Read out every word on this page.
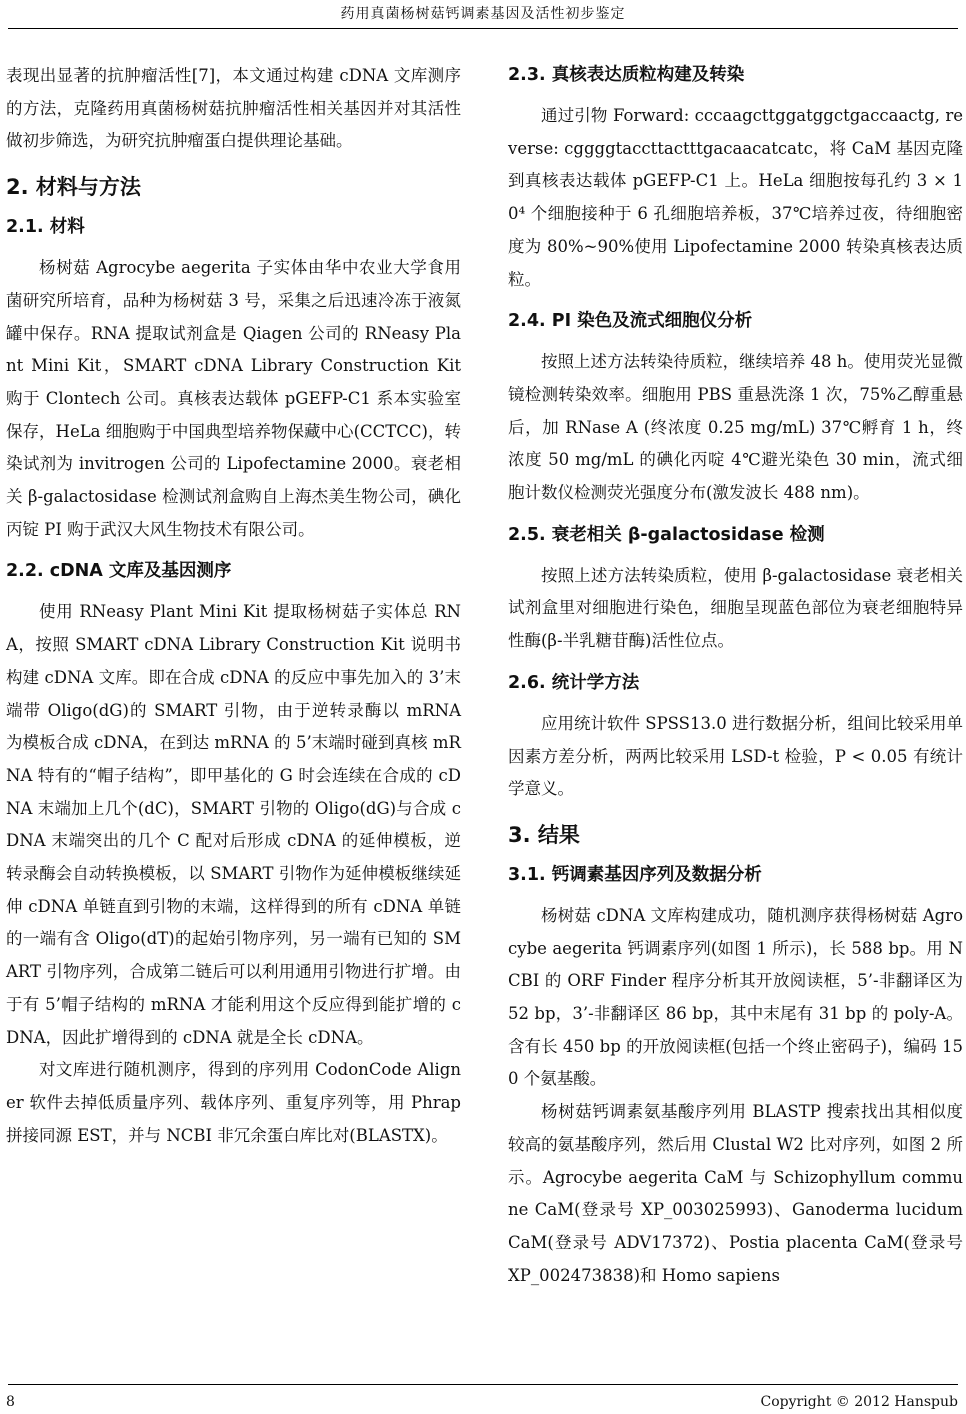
药用真菌杨树菇钙调素基因及活性初步鉴定

表现出显著的抗肿瘤活性[7]，本文通过构建 cDNA 文库测序的方法，克隆药用真菌杨树菇抗肿瘤活性相关基因并对其活性做初步筛选，为研究抗肿瘤蛋白提供理论基础。

2. 材料与方法
2.1. 材料

杨树菇 Agrocybe aegerita 子实体由华中农业大学食用菌研究所培育，品种为杨树菇 3 号，采集之后迅速冷冻于液氮罐中保存。RNA 提取试剂盒是 Qiagen 公司的 RNeasy Plant Mini Kit，SMART cDNA Library Construction Kit 购于 Clontech 公司。真核表达载体 pGEFP-C1 系本实验室保存，HeLa 细胞购于中国典型培养物保藏中心(CCTCC)，转染试剂为 invitrogen 公司的 Lipofectamine 2000。衰老相关 β-galactosidase 检测试剂盒购自上海杰美生物公司，碘化丙锭 PI 购于武汉大风生物技术有限公司。

2.2. cDNA 文库及基因测序

使用 RNeasy Plant Mini Kit 提取杨树菇子实体总 RNA，按照 SMART cDNA Library Construction Kit 说明书构建 cDNA 文库。即在合成 cDNA 的反应中事先加入的 3’末端带 Oligo(dG)的 SMART 引物，由于逆转录酶以 mRNA 为模板合成 cDNA，在到达 mRNA 的 5’末端时碰到真核 mRNA 特有的“帽子结构”，即甲基化的 G 时会连续在合成的 cDNA 末端加上几个(dC)，SMART 引物的 Oligo(dG)与合成 cDNA 末端突出的几个 C 配对后形成 cDNA 的延伸模板，逆转录酶会自动转换模板，以 SMART 引物作为延伸模板继续延伸 cDNA 单链直到引物的末端，这样得到的所有 cDNA 单链的一端有含 Oligo(dT)的起始引物序列，另一端有已知的 SMART 引物序列，合成第二链后可以利用通用引物进行扩增。由于有 5’帽子结构的 mRNA 才能利用这个反应得到能扩增的 cDNA，因此扩增得到的 cDNA 就是全长 cDNA。

对文库进行随机测序，得到的序列用 CodonCode Aligner 软件去掉低质量序列、载体序列、重复序列等，用 Phrap 拼接同源 EST，并与 NCBI 非冗余蛋白库比对(BLASTX)。

2.3. 真核表达质粒构建及转染

通过引物 Forward: cccaagcttggatggctgaccaactg, reverse: cggggtaccttactttgacaacatcatc，将 CaM 基因克隆到真核表达载体 pGEFP-C1 上。HeLa 细胞按每孔约 3 × 10⁴ 个细胞接种于 6 孔细胞培养板，37℃培养过夜，待细胞密度为 80%~90%使用 Lipofectamine 2000 转染真核表达质粒。

2.4. PI 染色及流式细胞仪分析

按照上述方法转染待质粒，继续培养 48 h。使用荧光显微镜检测转染效率。细胞用 PBS 重悬洗涤 1 次，75%乙醇重悬后，加 RNase A (终浓度 0.25 mg/mL) 37℃孵育 1 h，终浓度 50 mg/mL 的碘化丙啶 4℃避光染色 30 min，流式细胞计数仪检测荧光强度分布(激发波长 488 nm)。

2.5. 衰老相关 β-galactosidase 检测

按照上述方法转染质粒，使用 β-galactosidase 衰老相关试剂盒里对细胞进行染色，细胞呈现蓝色部位为衰老细胞特异性酶(β-半乳糖苷酶)活性位点。

2.6. 统计学方法

应用统计软件 SPSS13.0 进行数据分析，组间比较采用单因素方差分析，两两比较采用 LSD-t 检验，P < 0.05 有统计学意义。

3. 结果
3.1. 钙调素基因序列及数据分析

杨树菇 cDNA 文库构建成功，随机测序获得杨树菇 Agrocybe aegerita 钙调素序列(如图 1 所示)，长 588 bp。用 NCBI 的 ORF Finder 程序分析其开放阅读框，5’-非翻译区为 52 bp，3’-非翻译区 86 bp，其中末尾有 31 bp 的 poly-A。含有长 450 bp 的开放阅读框(包括一个终止密码子)，编码 150 个氨基酸。

杨树菇钙调素氨基酸序列用 BLASTP 搜索找出其相似度较高的氨基酸序列，然后用 Clustal W2 比对序列，如图 2 所示。Agrocybe aegerita CaM 与 Schizophyllum commune CaM(登录号 XP_003025993)、Ganoderma lucidum CaM(登录号 ADV17372)、Postia placenta CaM(登录号 XP_002473838)和 Homo sapiens

8	Copyright © 2012 Hanspub
